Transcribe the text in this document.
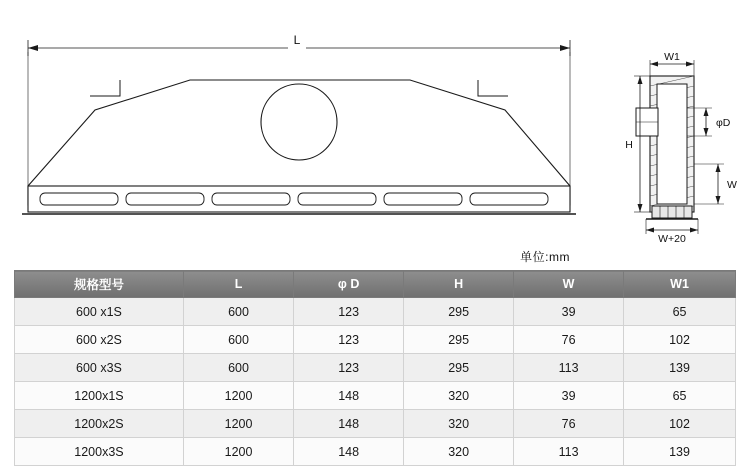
L
W1
φD
H
W
W+20
单位:mm
规格型号	L	φ D	H	W	W1
600 x1S	600	123	295	39	65
600 x2S	600	123	295	76	102
600 x3S	600	123	295	113	139
1200x1S	1200	148	320	39	65
1200x2S	1200	148	320	76	102
1200x3S	1200	148	320	113	139
